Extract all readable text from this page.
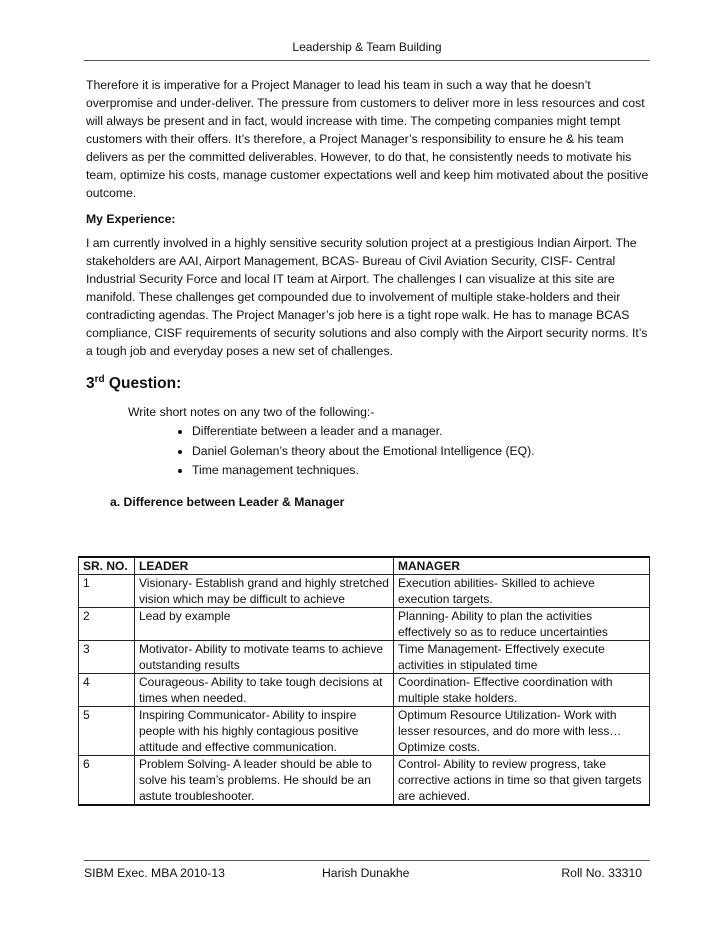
Leadership & Team Building

Therefore it is imperative for a Project Manager to lead his team in such a way that he doesn’t overpromise and under-deliver. The pressure from customers to deliver more in less resources and cost will always be present and in fact, would increase with time. The competing companies might tempt customers with their offers. It’s therefore, a Project Manager’s responsibility to ensure he & his team delivers as per the committed deliverables. However, to do that, he consistently needs to motivate his team, optimize his costs, manage customer expectations well and keep him motivated about the positive outcome.

My Experience:

I am currently involved in a highly sensitive security solution project at a prestigious Indian Airport. The stakeholders are AAI, Airport Management, BCAS- Bureau of Civil Aviation Security, CISF- Central Industrial Security Force and local IT team at Airport. The challenges I can visualize at this site are manifold. These challenges get compounded due to involvement of multiple stake-holders and their contradicting agendas. The Project Manager’s job here is a tight rope walk. He has to manage BCAS compliance, CISF requirements of security solutions and also comply with the Airport security norms. It’s a tough job and everyday poses a new set of challenges.

3rd Question:
Write short notes on any two of the following:-
• Differentiate between a leader and a manager.
• Daniel Goleman’s theory about the Emotional Intelligence (EQ).
• Time management techniques.
a. Difference between Leader & Manager
SR. NO.	LEADER	MANAGER
1	Visionary- Establish grand and highly stretched vision which may be difficult to achieve	Execution abilities- Skilled to achieve execution targets.
2	Lead by example	Planning- Ability to plan the activities effectively so as to reduce uncertainties
3	Motivator- Ability to motivate teams to achieve outstanding results	Time Management- Effectively execute activities in stipulated time
4	Courageous- Ability to take tough decisions at times when needed.	Coordination- Effective coordination with multiple stake holders.
5	Inspiring Communicator- Ability to inspire people with his highly contagious positive attitude and effective communication.	Optimum Resource Utilization- Work with lesser resources, and do more with less… Optimize costs.
6	Problem Solving- A leader should be able to solve his team’s problems. He should be an astute troubleshooter.	Control- Ability to review progress, take corrective actions in time so that given targets are achieved.
SIBM Exec. MBA 2010-13	Harish Dunakhe	Roll No. 33310
